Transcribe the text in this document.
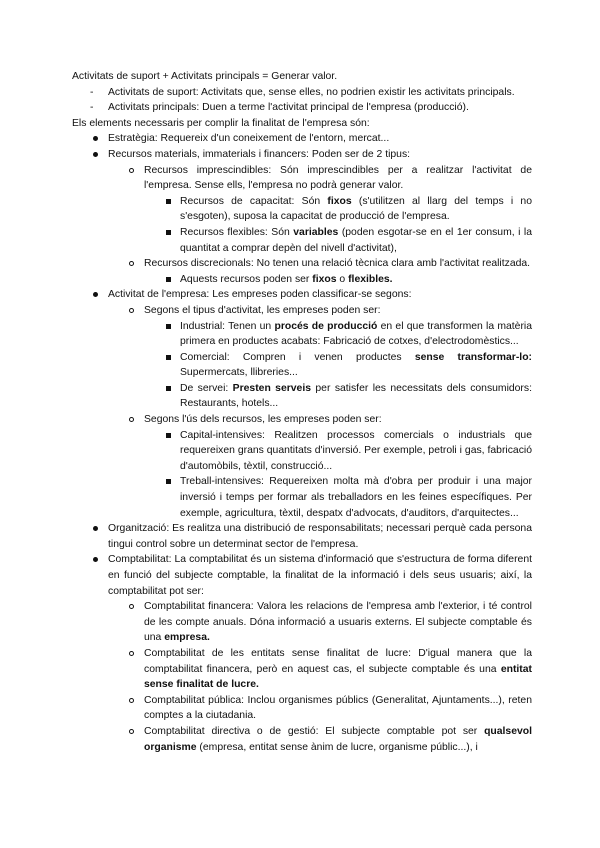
Activitats de suport + Activitats principals = Generar valor.

- Activitats de suport: Activitats que, sense elles, no podrien existir les activitats principals.
- Activitats principals: Duen a terme l'activitat principal de l'empresa (producció).

Els elements necessaris per complir la finalitat de l'empresa són:

Estratègia: Requereix d'un coneixement de l'entorn, mercat...
Recursos materials, immaterials i financers: Poden ser de 2 tipus:
Recursos imprescindibles: Són imprescindibles per a realitzar l'activitat de l'empresa. Sense ells, l'empresa no podrà generar valor.
Recursos de capacitat: Són fixos (s'utilitzen al llarg del temps i no s'esgoten), suposa la capacitat de producció de l'empresa.
Recursos flexibles: Són variables (poden esgotar-se en el 1er consum, i la quantitat a comprar depèn del nivell d'activitat),
Recursos discrecionals: No tenen una relació tècnica clara amb l'activitat realitzada.
Aquests recursos poden ser fixos o flexibles.
Activitat de l'empresa: Les empreses poden classificar-se segons:
Segons el tipus d'activitat, les empreses poden ser:
Industrial: Tenen un procés de producció en el que transformen la matèria primera en productes acabats: Fabricació de cotxes, d'electrodomèstics...
Comercial: Compren i venen productes sense transformar-lo: Supermercats, llibreries...
De servei: Presten serveis per satisfer les necessitats dels consumidors: Restaurants, hotels...
Segons l'ús dels recursos, les empreses poden ser:
Capital-intensives: Realitzen processos comercials o industrials que requereixen grans quantitats d'inversió. Per exemple, petroli i gas, fabricació d'automòbils, tèxtil, construcció...
Treball-intensives: Requereixen molta mà d'obra per produir i una major inversió i temps per formar als treballadors en les feines específiques. Per exemple, agricultura, tèxtil, despatx d'advocats, d'auditors, d'arquitectes...
Organització: Es realitza una distribució de responsabilitats; necessari perquè cada persona tingui control sobre un determinat sector de l'empresa.
Comptabilitat: La comptabilitat és un sistema d'informació que s'estructura de forma diferent en funció del subjecte comptable, la finalitat de la informació i dels seus usuaris; així, la comptabilitat pot ser:
Comptabilitat financera: Valora les relacions de l'empresa amb l'exterior, i té control de les compte anuals. Dóna informació a usuaris externs. El subjecte comptable és una empresa.
Comptabilitat de les entitats sense finalitat de lucre: D'igual manera que la comptabilitat financera, però en aquest cas, el subjecte comptable és una entitat sense finalitat de lucre.
Comptabilitat pública: Inclou organismes públics (Generalitat, Ajuntaments...), reten comptes a la ciutadania.
Comptabilitat directiva o de gestió: El subjecte comptable pot ser qualsevol organisme (empresa, entitat sense ànim de lucre, organisme públic...), i
